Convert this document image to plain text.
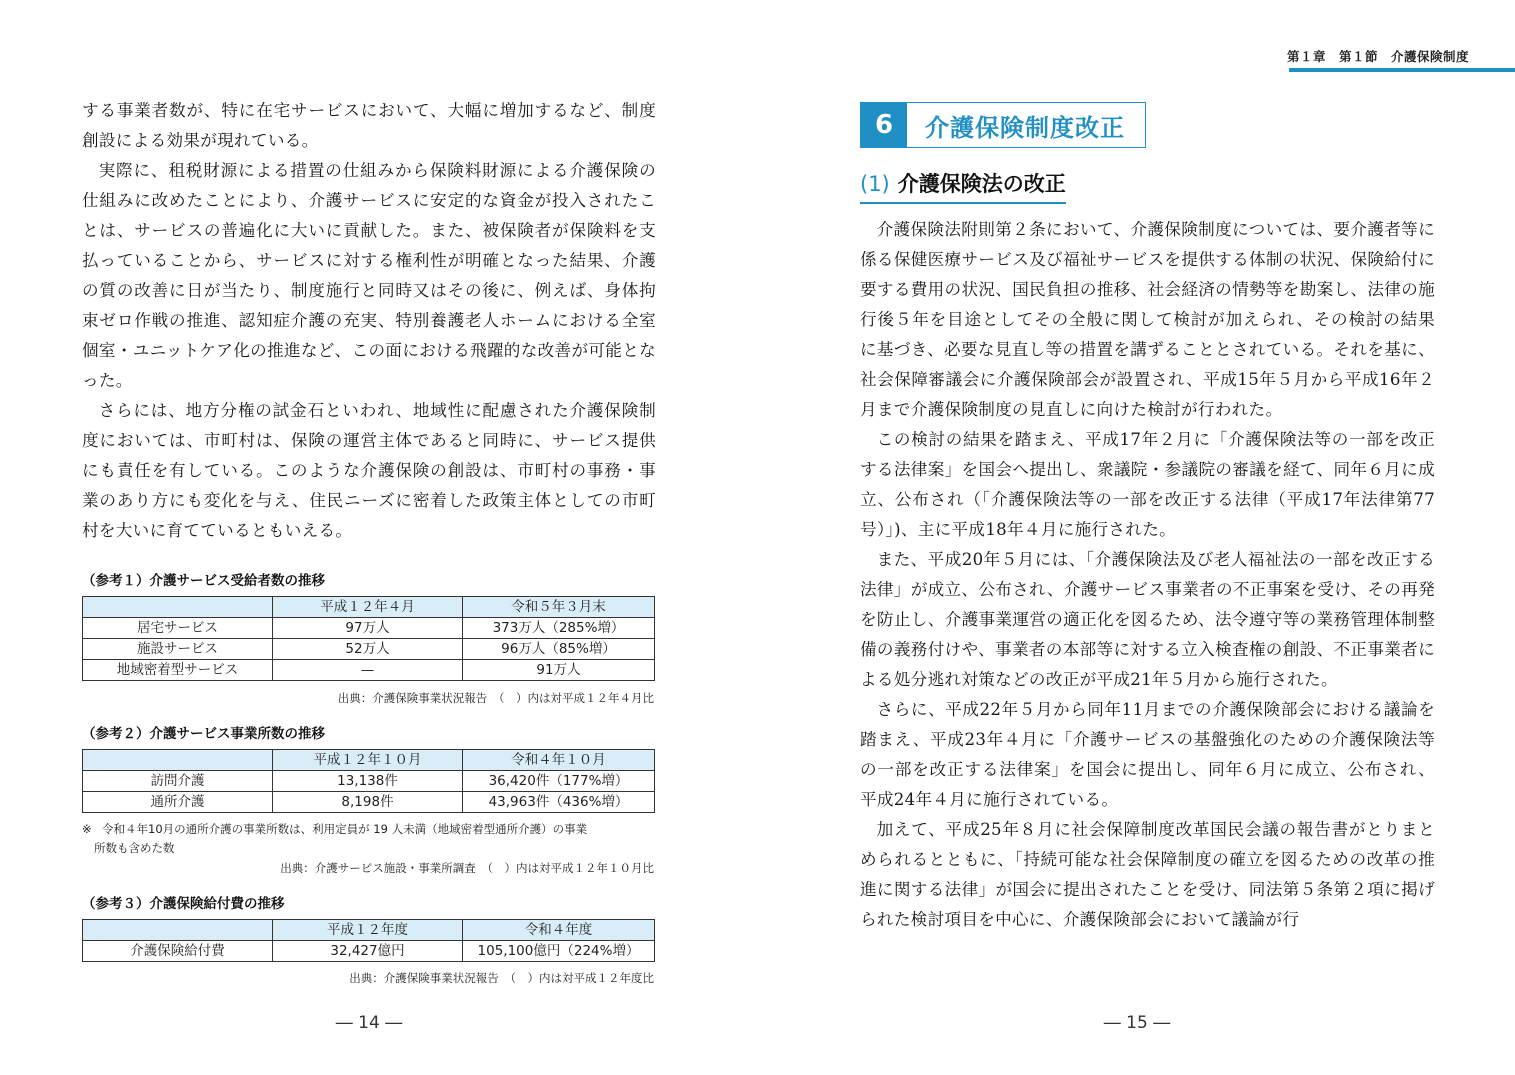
する事業者数が、特に在宅サービスにおいて、大幅に増加するなど、制度創設による効果が現れている。

実際に、租税財源による措置の仕組みから保険料財源による介護保険の仕組みに改めたことにより、介護サービスに安定的な資金が投入されたことは、サービスの普遍化に大いに貢献した。また、被保険者が保険料を支払っていることから、サービスに対する権利性が明確となった結果、介護の質の改善に日が当たり、制度施行と同時又はその後に、例えば、身体拘束ゼロ作戦の推進、認知症介護の充実、特別養護老人ホームにおける全室個室・ユニットケア化の推進など、この面における飛躍的な改善が可能となった。

さらには、地方分権の試金石といわれ、地域性に配慮された介護保険制度においては、市町村は、保険の運営主体であると同時に、サービス提供にも責任を有している。このような介護保険の創設は、市町村の事務・事業のあり方にも変化を与え、住民ニーズに密着した政策主体としての市町村を大いに育てているともいえる。

（参考１）介護サービス受給者数の推移
	平成１２年４月	令和５年３月末
居宅サービス	97万人	373万人（285%増）
施設サービス	52万人	96万人（85%増）
地域密着型サービス	—	91万人
出典：介護保険事業状況報告　（　）内は対平成１２年４月比
（参考２）介護サービス事業所数の推移
	平成１２年１０月	令和４年１０月
訪問介護	13,138件	36,420件（177%増）
通所介護	8,198件	43,963件（436%増）
※ 令和４年10月の通所介護の事業所数は、利用定員が 19 人未満（地域密着型通所介護）の事業
所数も含めた数
出典：介護サービス施設・事業所調査　（　）内は対平成１２年１０月比
（参考３）介護保険給付費の推移
	平成１２年度	令和４年度
介護保険給付費	32,427億円	105,100億円（224%増）
出典：介護保険事業状況報告　（　）内は対平成１２年度比
― 14 ―
第１章　第１節　介護保険制度
6	介護保険制度改正
(1) 介護保険法の改正

介護保険法附則第２条において、介護保険制度については、要介護者等に係る保健医療サービス及び福祉サービスを提供する体制の状況、保険給付に要する費用の状況、国民負担の推移、社会経済の情勢等を勘案し、法律の施行後５年を目途としてその全般に関して検討が加えられ、その検討の結果に基づき、必要な見直し等の措置を講ずることとされている。それを基に、社会保障審議会に介護保険部会が設置され、平成15年５月から平成16年２月まで介護保険制度の見直しに向けた検討が行われた。

この検討の結果を踏まえ、平成17年２月に「介護保険法等の一部を改正する法律案」を国会へ提出し、衆議院・参議院の審議を経て、同年６月に成立、公布され（「介護保険法等の一部を改正する法律（平成17年法律第77号）」)、主に平成18年４月に施行された。

また、平成20年５月には、「介護保険法及び老人福祉法の一部を改正する法律」が成立、公布され、介護サービス事業者の不正事案を受け、その再発を防止し、介護事業運営の適正化を図るため、法令遵守等の業務管理体制整備の義務付けや、事業者の本部等に対する立入検査権の創設、不正事業者による処分逃れ対策などの改正が平成21年５月から施行された。

さらに、平成22年５月から同年11月までの介護保険部会における議論を踏まえ、平成23年４月に「介護サービスの基盤強化のための介護保険法等の一部を改正する法律案」を国会に提出し、同年６月に成立、公布され、平成24年４月に施行されている。

加えて、平成25年８月に社会保障制度改革国民会議の報告書がとりまとめられるとともに、「持続可能な社会保障制度の確立を図るための改革の推進に関する法律」が国会に提出されたことを受け、同法第５条第２項に掲げられた検討項目を中心に、介護保険部会において議論が行

― 15 ―
